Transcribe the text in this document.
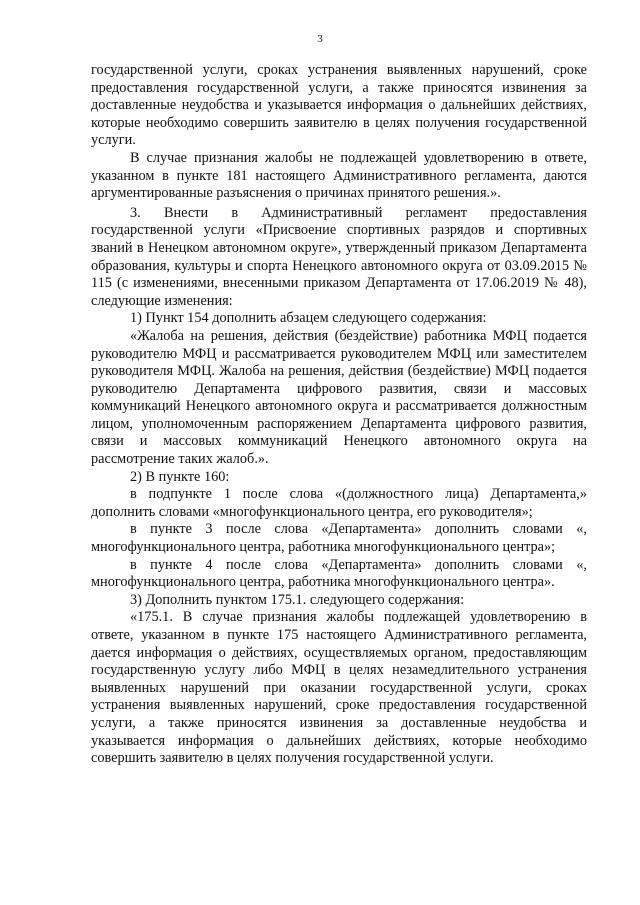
3

государственной услуги, сроках устранения выявленных нарушений, сроке предоставления государственной услуги, а также приносятся извинения за доставленные неудобства и указывается информация о дальнейших действиях, которые необходимо совершить заявителю в целях получения государственной услуги.

В случае признания жалобы не подлежащей удовлетворению в ответе, указанном в пункте 181 настоящего Административного регламента, даются аргументированные разъяснения о причинах принятого решения.».

3. Внести в Административный регламент предоставления государственной услуги «Присвоение спортивных разрядов и спортивных званий в Ненецком автономном округе», утвержденный приказом Департамента образования, культуры и спорта Ненецкого автономного округа от 03.09.2015 № 115 (с изменениями, внесенными приказом Департамента от 17.06.2019 № 48), следующие изменения:

1) Пункт 154 дополнить абзацем следующего содержания:

«Жалоба на решения, действия (бездействие) работника МФЦ подается руководителю МФЦ и рассматривается руководителем МФЦ или заместителем руководителя МФЦ. Жалоба на решения, действия (бездействие) МФЦ подается руководителю Департамента цифрового развития, связи и массовых коммуникаций Ненецкого автономного округа и рассматривается должностным лицом, уполномоченным распоряжением Департамента цифрового развития, связи и массовых коммуникаций Ненецкого автономного округа на рассмотрение таких жалоб.».

2) В пункте 160:

в подпункте 1 после слова «(должностного лица) Департамента,» дополнить словами «многофункционального центра, его руководителя»;

в пункте 3 после слова «Департамента» дополнить словами «, многофункционального центра, работника многофункционального центра»;

в пункте 4 после слова «Департамента» дополнить словами «, многофункционального центра, работника многофункционального центра».

3) Дополнить пунктом 175.1. следующего содержания:

«175.1. В случае признания жалобы подлежащей удовлетворению в ответе, указанном в пункте 175 настоящего Административного регламента, дается информация о действиях, осуществляемых органом, предоставляющим государственную услугу либо МФЦ в целях незамедлительного устранения выявленных нарушений при оказании государственной услуги, сроках устранения выявленных нарушений, сроке предоставления государственной услуги, а также приносятся извинения за доставленные неудобства и указывается информация о дальнейших действиях, которые необходимо совершить заявителю в целях получения государственной услуги.
